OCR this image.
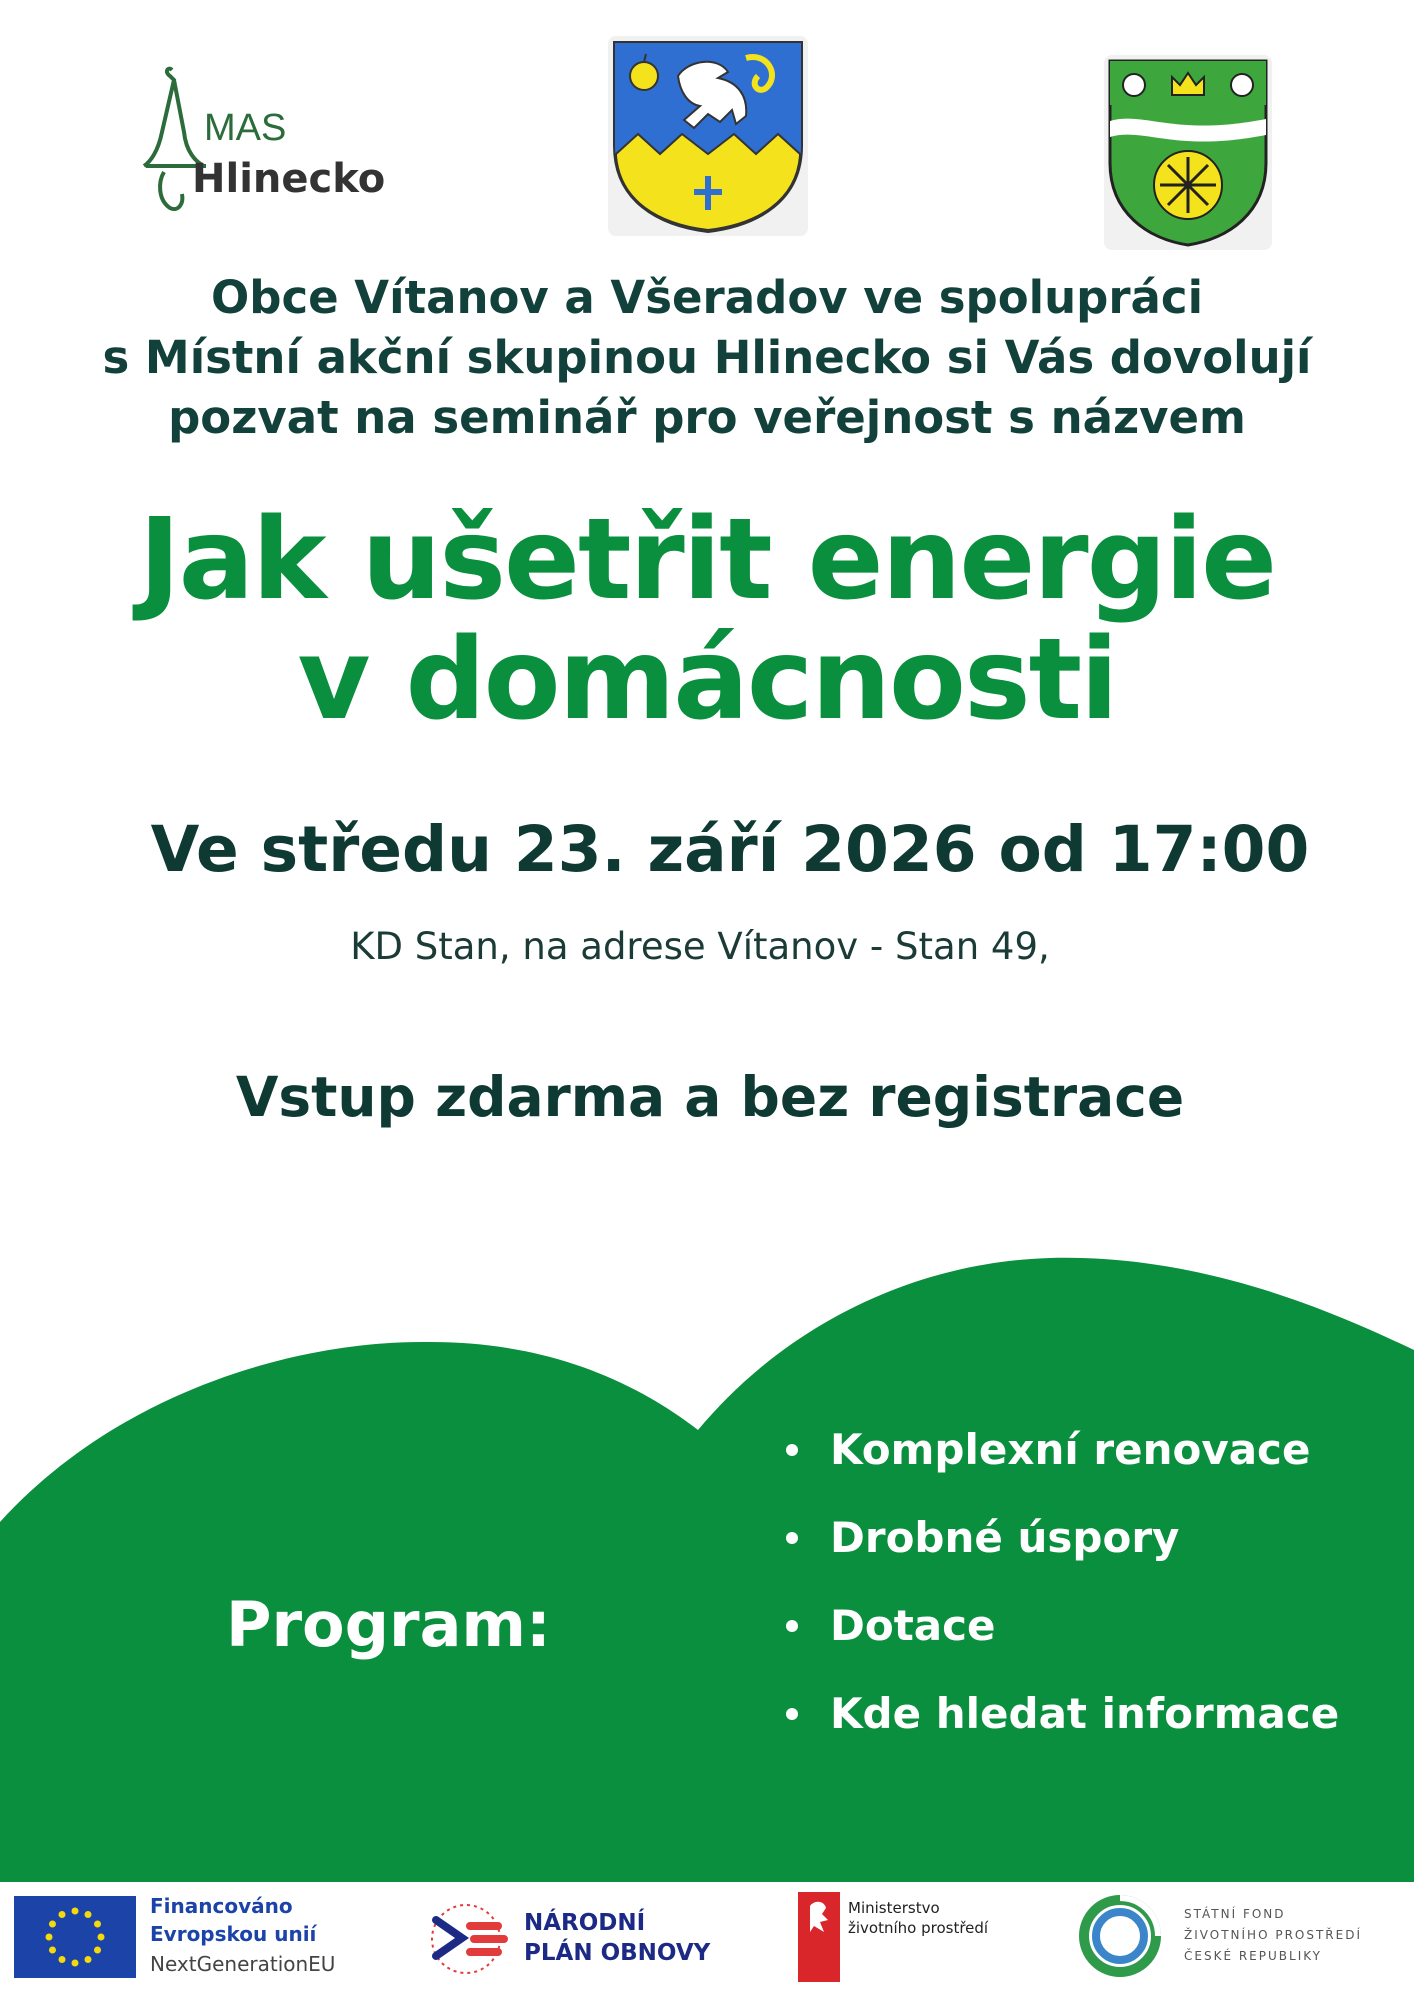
MAS
Hlinecko
Obce Vítanov a Všeradov ve spolupráci
s Místní akční skupinou Hlinecko si Vás dovolují
pozvat na seminář pro veřejnost s názvem
Jak ušetřit energie
v domácnosti
Ve středu 23. září 2026 od 17:00
KD Stan, na adrese Vítanov - Stan 49,
Vstup zdarma a bez registrace
Program:
Komplexní renovace
Drobné úspory
Dotace
Kde hledat informace
Financováno
Evropskou unií
NextGenerationEU
NÁRODNÍ
PLÁN OBNOVY
Ministerstvo
životního prostředí
STÁTNÍ FOND
ŽIVOTNÍHO PROSTŘEDÍ
ČESKÉ REPUBLIKY
